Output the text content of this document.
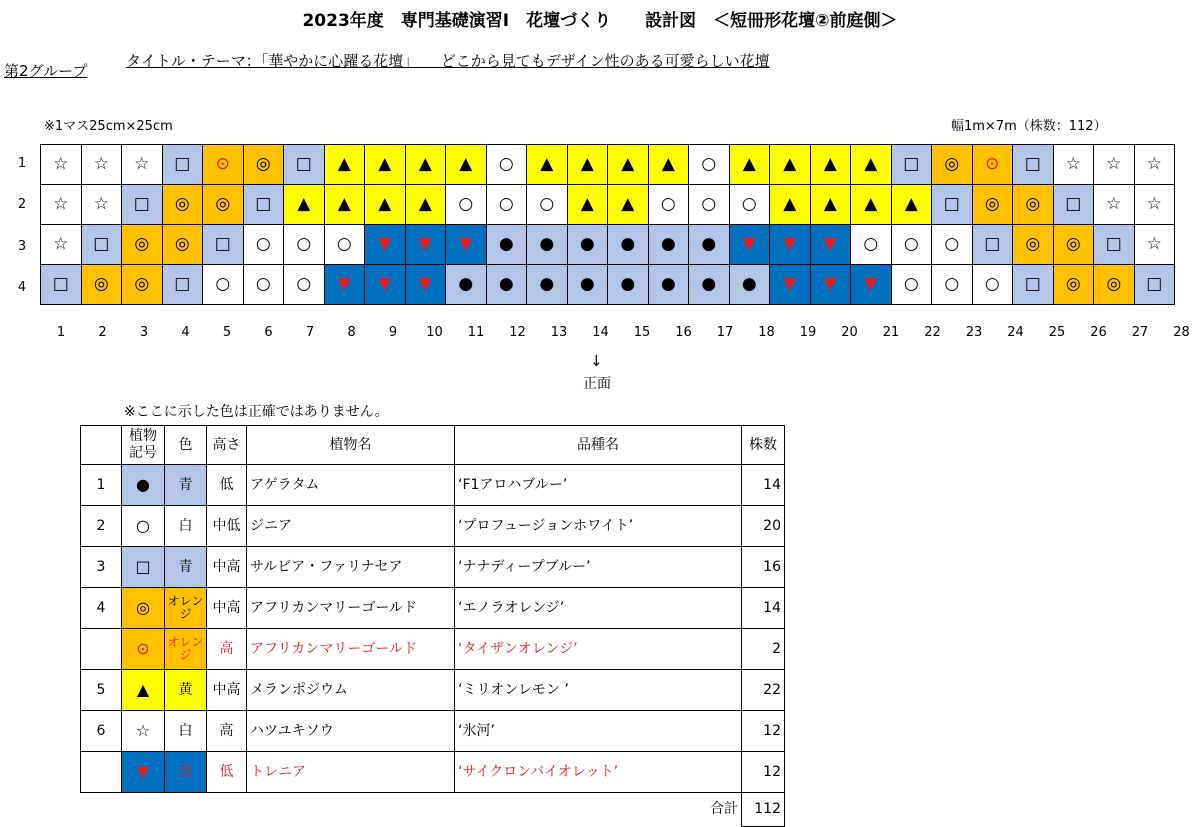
2023年度　専門基礎演習Ⅰ　花壇づくり　　設計図　＜短冊形花壇②前庭側＞
第2グループ
タイトル・テーマ：「華やかに心躍る花壇」　　どこから見てもデザイン性のある可愛らしい花壇
※1マス25cm×25cm	幅1m×7m（株数：112）
1
2
3
4
☆	☆	☆	□	⊙	◎	□	▲	▲	▲	▲	○	▲	▲	▲	▲	○	▲	▲	▲	▲	□	◎	⊙	□	☆	☆	☆
☆	☆	□	◎	◎	□	▲	▲	▲	▲	○	○	○	▲	▲	○	○	○	▲	▲	▲	▲	□	◎	◎	□	☆	☆
☆	□	◎	◎	□	○	○	○	▼	▼	▼	●	●	●	●	●	●	▼	▼	▼	○	○	○	□	◎	◎	□	☆
□	◎	◎	□	○	○	○	▼	▼	▼	●	●	●	●	●	●	●	●	▼	▼	▼	○	○	○	□	◎	◎	□
1	2	3	4	5	6	7	8	9	10	11	12	13	14	15	16	17	18	19	20	21	22	23	24	25	26	27	28
↓
正面
※ここに示した色は正確ではありません。
	植物
記号	色	高さ	植物名	品種名	株数
1	●	青	低	アゲラタム	‘F1アロハブルー’	14
2	○	白	中低	ジニア	‘プロフュージョンホワイト’	20
3	□	青	中高	サルビア・ファリナセア	‘ナナディープブルー’	16
4	◎	オレンジ	中高	アフリカンマリーゴールド	‘エノラオレンジ’	14
	⊙	オレンジ	高	アフリカンマリーゴールド	‘タイザンオレンジ’	2
5	▲	黄	中高	メランポジウム	‘ミリオンレモン ’	22
6	☆	白	高	ハツユキソウ	‘氷河’	12
	▼	青	低	トレニア	‘サイクロンバイオレット’	12
					合計	112
